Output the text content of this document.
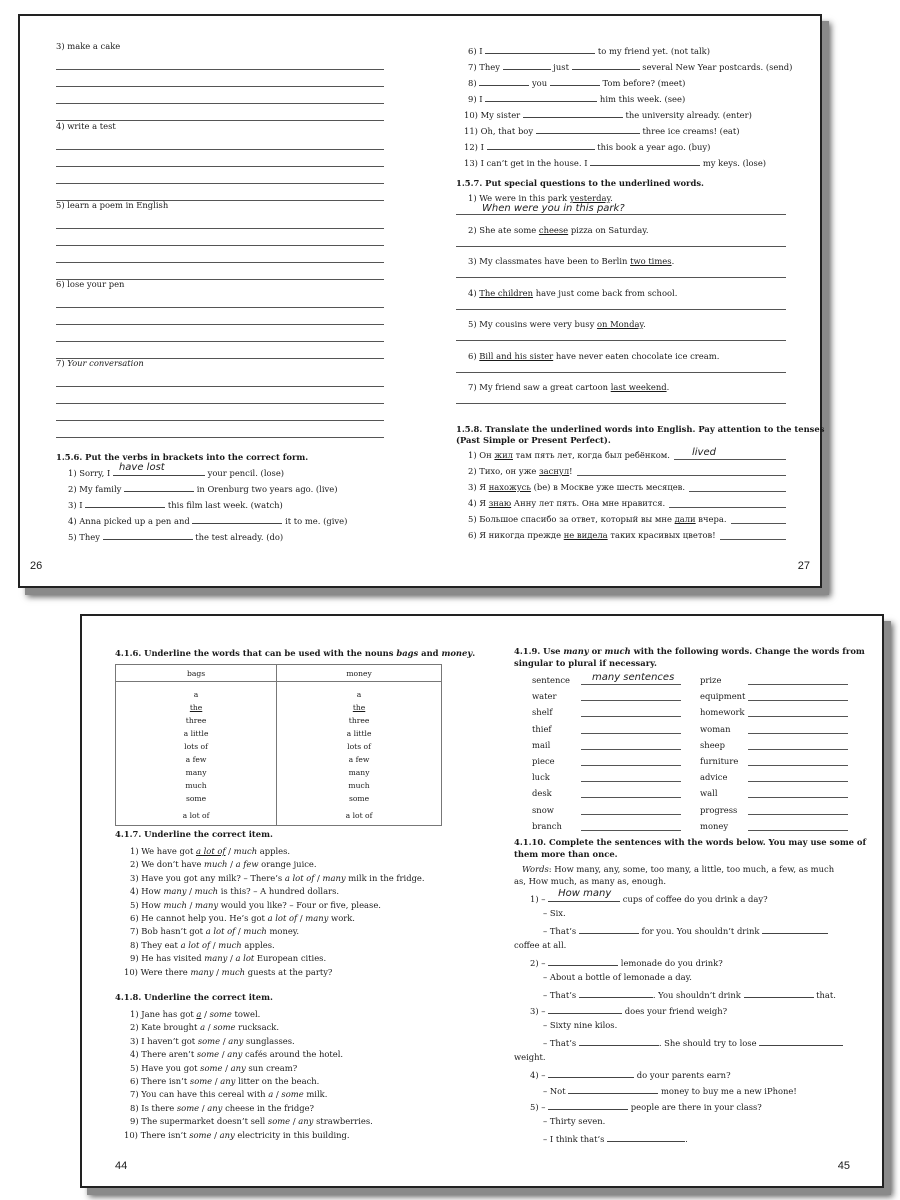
3) make a cake
4) write a test
5) learn a poem in English
6) lose your pen
7) Your conversation
1.5.6. Put the verbs in brackets into the correct form.
1) Sorry, I have lost	your pencil. (lose)
2) My family	in Orenburg two years ago. (live)
3) I	this film last week. (watch)
4) Anna picked up a pen and	it to me. (give)
5) They	the test already. (do)
26
6) I	to my friend yet. (not talk)
7) They	just	several New Year postcards. (send)
8)	you	Tom before? (meet)
9) I	him this week. (see)
10) My sister	the university already. (enter)
11) Oh, that boy	three ice creams! (eat)
12) I	this book a year ago. (buy)
13) I can’t get in the house. I	my keys. (lose)
1.5.7. Put special questions to the underlined words.
1) We were in this park yesterday.
When were you in this park?
2) She ate some cheese pizza on Saturday.
3) My classmates have been to Berlin two times.
4) The children have just come back from school.
5) My cousins were very busy on Monday.
6) Bill and his sister have never eaten chocolate ice cream.
7) My friend saw a great cartoon last weekend.
1.5.8. Translate the underlined words into English. Pay attention to the tenses
(Past Simple or Present Perfect).
1) Он жил там пять лет, когда был ребёнком.
2) Тихо, он уже заснул!
3) Я нахожусь (be) в Москве уже шесть месяцев.
4) Я знаю Анну лет пять. Она мне нравится.
5) Большое спасибо за ответ, который вы мне дали вчера.
6) Я никогда прежде не видела таких красивых цветов!
lived
27
4.1.6. Underline the words that can be used with the nouns bags and money.
bags	money

a	a
the	the
three	three
a little	a little
lots of	lots of
a few	a few
many	many
much	much
some	some
a lot of	a lot of
4.1.7. Underline the correct item.
1) We have got a lot of / much apples.
2) We don’t have much / a few orange juice.
3) Have you got any milk? – There’s a lot of / many milk in the fridge.
4) How many / much is this? – A hundred dollars.
5) How much / many would you like? – Four or five, please.
6) He cannot help you. He’s got a lot of / many work.
7) Bob hasn’t got a lot of / much money.
8) They eat a lot of / much apples.
9) He has visited many / a lot European cities.
10) Were there many / much guests at the party?
4.1.8. Underline the correct item.
1) Jane has got a / some towel.
2) Kate brought a / some rucksack.
3) I haven’t got some / any sunglasses.
4) There aren’t some / any cafés around the hotel.
5) Have you got some / any sun cream?
6) There isn’t some / any litter on the beach.
7) You can have this cereal with a / some milk.
8) Is there some / any cheese in the fridge?
9) The supermarket doesn’t sell some / any strawberries.
10) There isn’t some / any electricity in this building.
44
4.1.9. Use many or much with the following words. Change the words from
singular to plural if necessary.
sentence many sentences	prize
water	equipment
shelf	homework
thief	woman
mail	sheep
piece	furniture
luck	advice
desk	wall
snow	progress
branch	money
4.1.10. Complete the sentences with the words below. You may use some of
them more than once.
Words: How many, any, some, too many, a little, too much, a few, as much
as, How much, as many as, enough.
1) – How many cups of coffee do you drink a day?
– Six.
– That’s	for you. You shouldn’t drink
coffee at all.
2) –	lemonade do you drink?
– About a bottle of lemonade a day.
– That’s	. You shouldn’t drink	that.
3) –	does your friend weigh?
– Sixty nine kilos.
– That’s	. She should try to lose
weight.
4) –	do your parents earn?
– Not	money to buy me a new iPhone!
5) –	people are there in your class?
– Thirty seven.
– I think that’s	.
45
